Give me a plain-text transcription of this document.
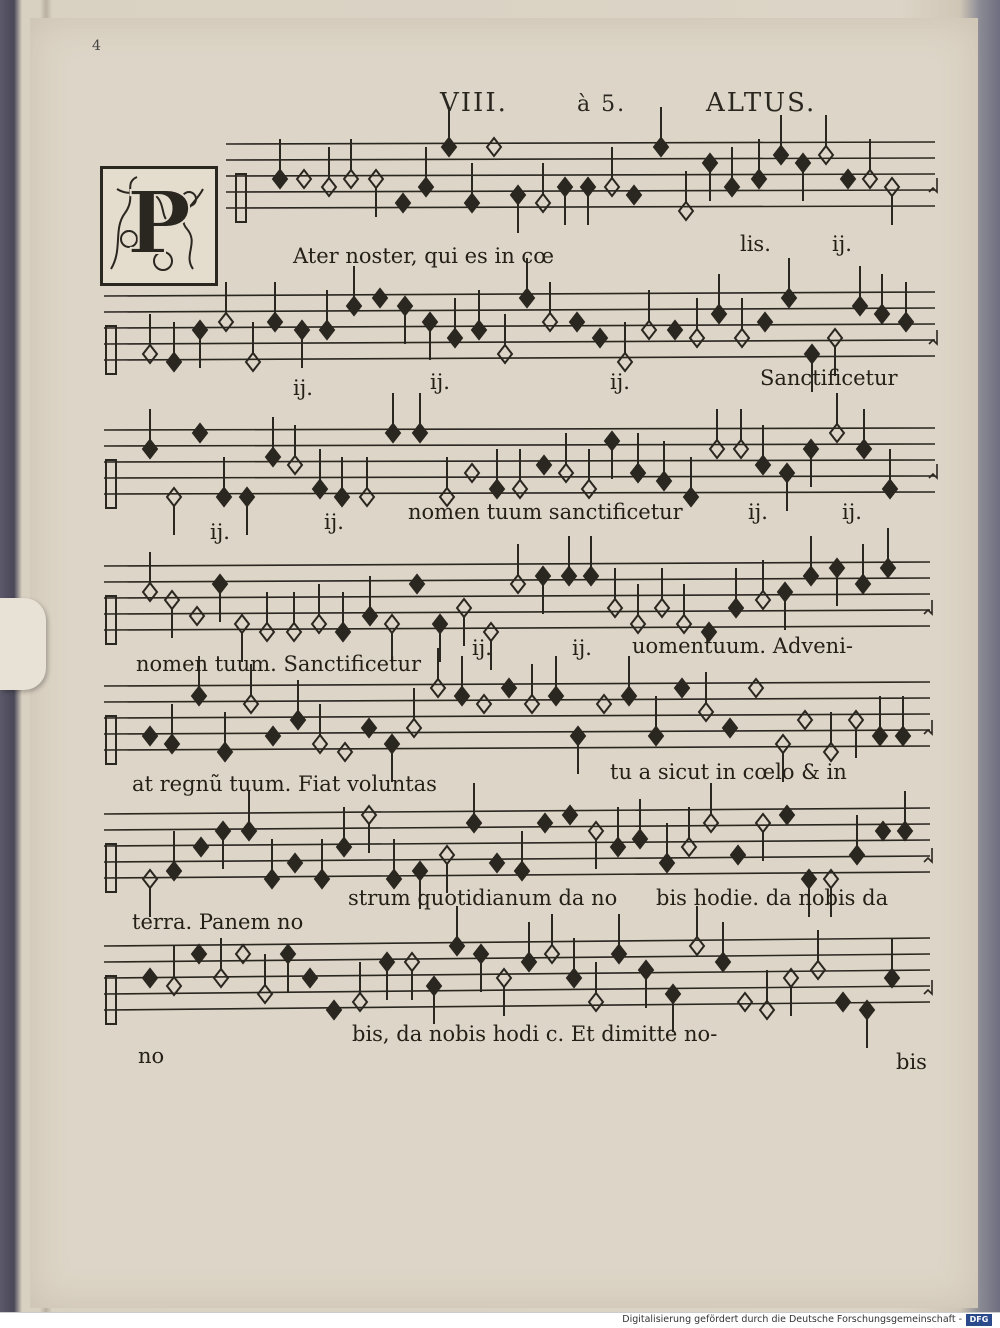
4
VIII.	à 5.	ALTUS.
P	Ater noster, qui es in cœ	lis.	ij.
ij.	ij.	ij.	Sanctificetur
ij.	ij.	nomen tuum sanctificetur	ij.	ij.
nomen tuum. Sanctificetur
ij.	ij. uomentuum. Adveni-
at regnũ tuum. Fiat voluntas	tu a sicut in cœlo & in
terra. Panem no
strum quotidianum da no bis hodie. da nobis da
no
bis, da nobis hodi c. Et dimitte no-
bis
Digitalisierung gefördert durch die Deutsche Forschungsgemeinschaft - DFG
